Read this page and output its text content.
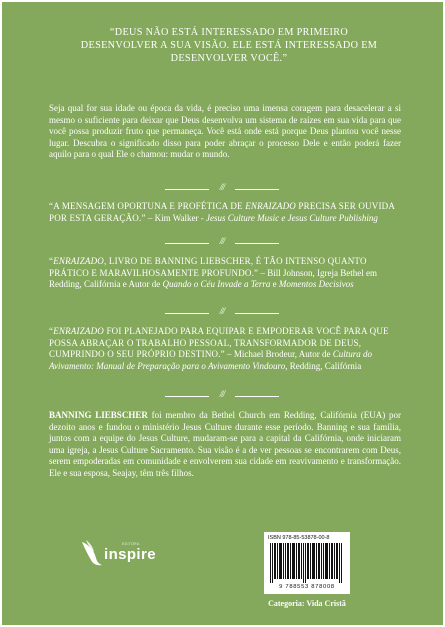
“DEUS NÃO ESTÁ INTERESSADO EM PRIMEIRO DESENVOLVER A SUA VISÃO. ELE ESTÁ INTERESSADO EM DESENVOLVER VOCÊ.”
Seja qual for sua idade ou época da vida, é preciso uma imensa coragem para desacelerar a si mesmo o suficiente para deixar que Deus desenvolva um sistema de raízes em sua vida para que você possa produzir fruto que permaneça. Você está onde está porque Deus plantou você nesse lugar. Descubra o significado disso para poder abraçar o processo Dele e então poderá fazer aquilo para o qual Ele o chamou: mudar o mundo.
///
“A MENSAGEM OPORTUNA E PROFÉTICA DE ENRAIZADO PRECISA SER OUVIDA POR ESTA GERAÇÃO.” – Kim Walker - Jesus Culture Music e Jesus Culture Publishing
///
“ENRAIZADO, LIVRO DE BANNING LIEBSCHER, É TÃO INTENSO QUANTO PRÁTICO E MARAVILHOSAMENTE PROFUNDO.” – Bill Johnson, Igreja Bethel em Redding, Califórnia e Autor de Quando o Céu Invade a Terra e Momentos Decisivos
///
“ENRAIZADO FOI PLANEJADO PARA EQUIPAR E EMPODERAR VOCÊ PARA QUE POSSA ABRAÇAR O TRABALHO PESSOAL, TRANSFORMADOR DE DEUS, CUMPRINDO O SEU PRÓPRIO DESTINO.” – Michael Brodeur, Autor de Cultura do Avivamento: Manual de Preparação para o Avivamento Vindouro, Redding, Califórnia
///
BANNING LIEBSCHER foi membro da Bethel Church em Redding, Califórnia (EUA) por dezoito anos e fundou o ministério Jesus Culture durante esse período. Banning e sua família, juntos com a equipe do Jesus Culture, mudaram-se para a capital da Califórnia, onde iniciaram uma igreja, a Jesus Culture Sacramento. Sua visão é a de ver pessoas se encontrarem com Deus, serem empoderadas em comunidade e envolverem sua cidade em reavivamento e transformação. Ele e sua esposa, Seajay, têm três filhos.
EDITORA
inspire
ISBN 978-85-53878-00-8
9 788553 878008
Categoria: Vida Cristã
